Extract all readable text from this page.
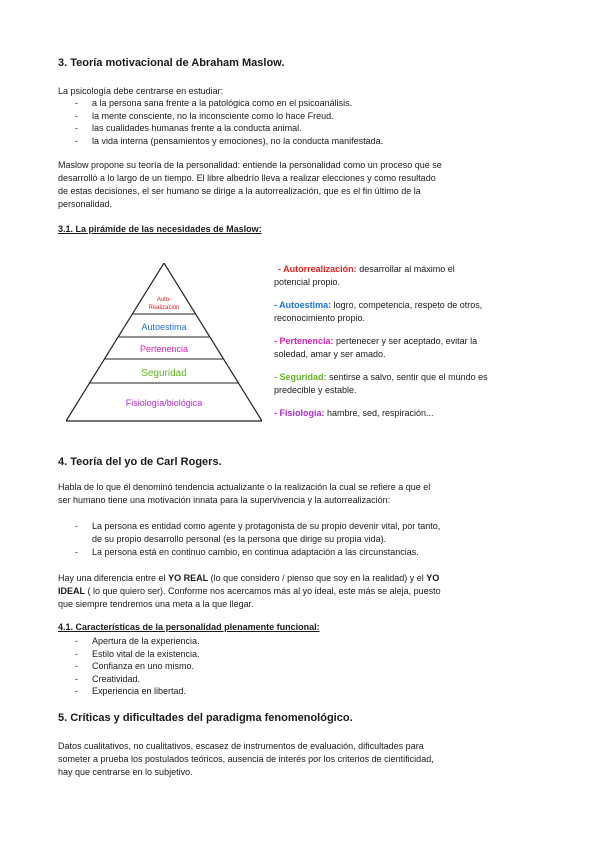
3. Teoría motivacional de Abraham Maslow.

La psicología debe centrarse en estudiar:

- a la persona sana frente a la patológica como en el psicoanálisis.
- la mente consciente, no la inconsciente como lo hace Freud.
- las cualidades humanas frente a la conducta animal.
- la vida interna (pensamientos y emociones), no la conducta manifestada.

Maslow propone su teoría de la personalidad: entiende la personalidad como un proceso que se

desarrolló a lo largo de un tiempo. El libre albedrío lleva a realizar elecciones y como resultado

de estas decisiones, el ser humano se dirige a la autorrealización, que es el fin último de la

personalidad.

3.1. La pirámide de las necesidades de Maslow:

Auto-
Realización
Autoestima
Pertenencia
Seguridad
Fisiología/biológica

- Autorrealización: desarrollar al máximo el

potencial propio.

- Autoestima: logro, competencia, respeto de otros,

reconocimiento propio.

- Pertenencia: pertenecer y ser aceptado, evitar la

soledad, amar y ser amado.

- Seguridad: sentirse a salvo, sentir que el mundo es

predecible y estable.

- Fisiología: hambre, sed, respiración...

4. Teoría del yo de Carl Rogers.

Habla de lo que él denominó tendencia actualizante o la realización la cual se refiere a que el

ser humano tiene una motivación innata para la supervivencia y la autorrealización:

- La persona es entidad como agente y protagonista de su propio devenir vital, por tanto,
de su propio desarrollo personal (es la persona que dirige su propia vida).
- La persona está en continuo cambio, en continua adaptación a las circunstancias.

Hay una diferencia entre el YO REAL (lo que considero / pienso que soy en la realidad) y el YO

IDEAL ( lo que quiero ser). Conforme nos acercamos más al yo ideal, este más se aleja, puesto

que siempre tendremos una meta a la que llegar.

4.1. Características de la personalidad plenamente funcional:

- Apertura de la experiencia.
- Estilo vital de la existencia.
- Confianza en uno mismo.
- Creatividad.
- Experiencia en libertad.

5. Críticas y dificultades del paradigma fenomenológico.

Datos cualitativos, no cualitativos, escasez de instrumentos de evaluación, dificultades para

someter a prueba los postulados teóricos, ausencia de interés por los criterios de cientificidad,

hay que centrarse en lo subjetivo.
